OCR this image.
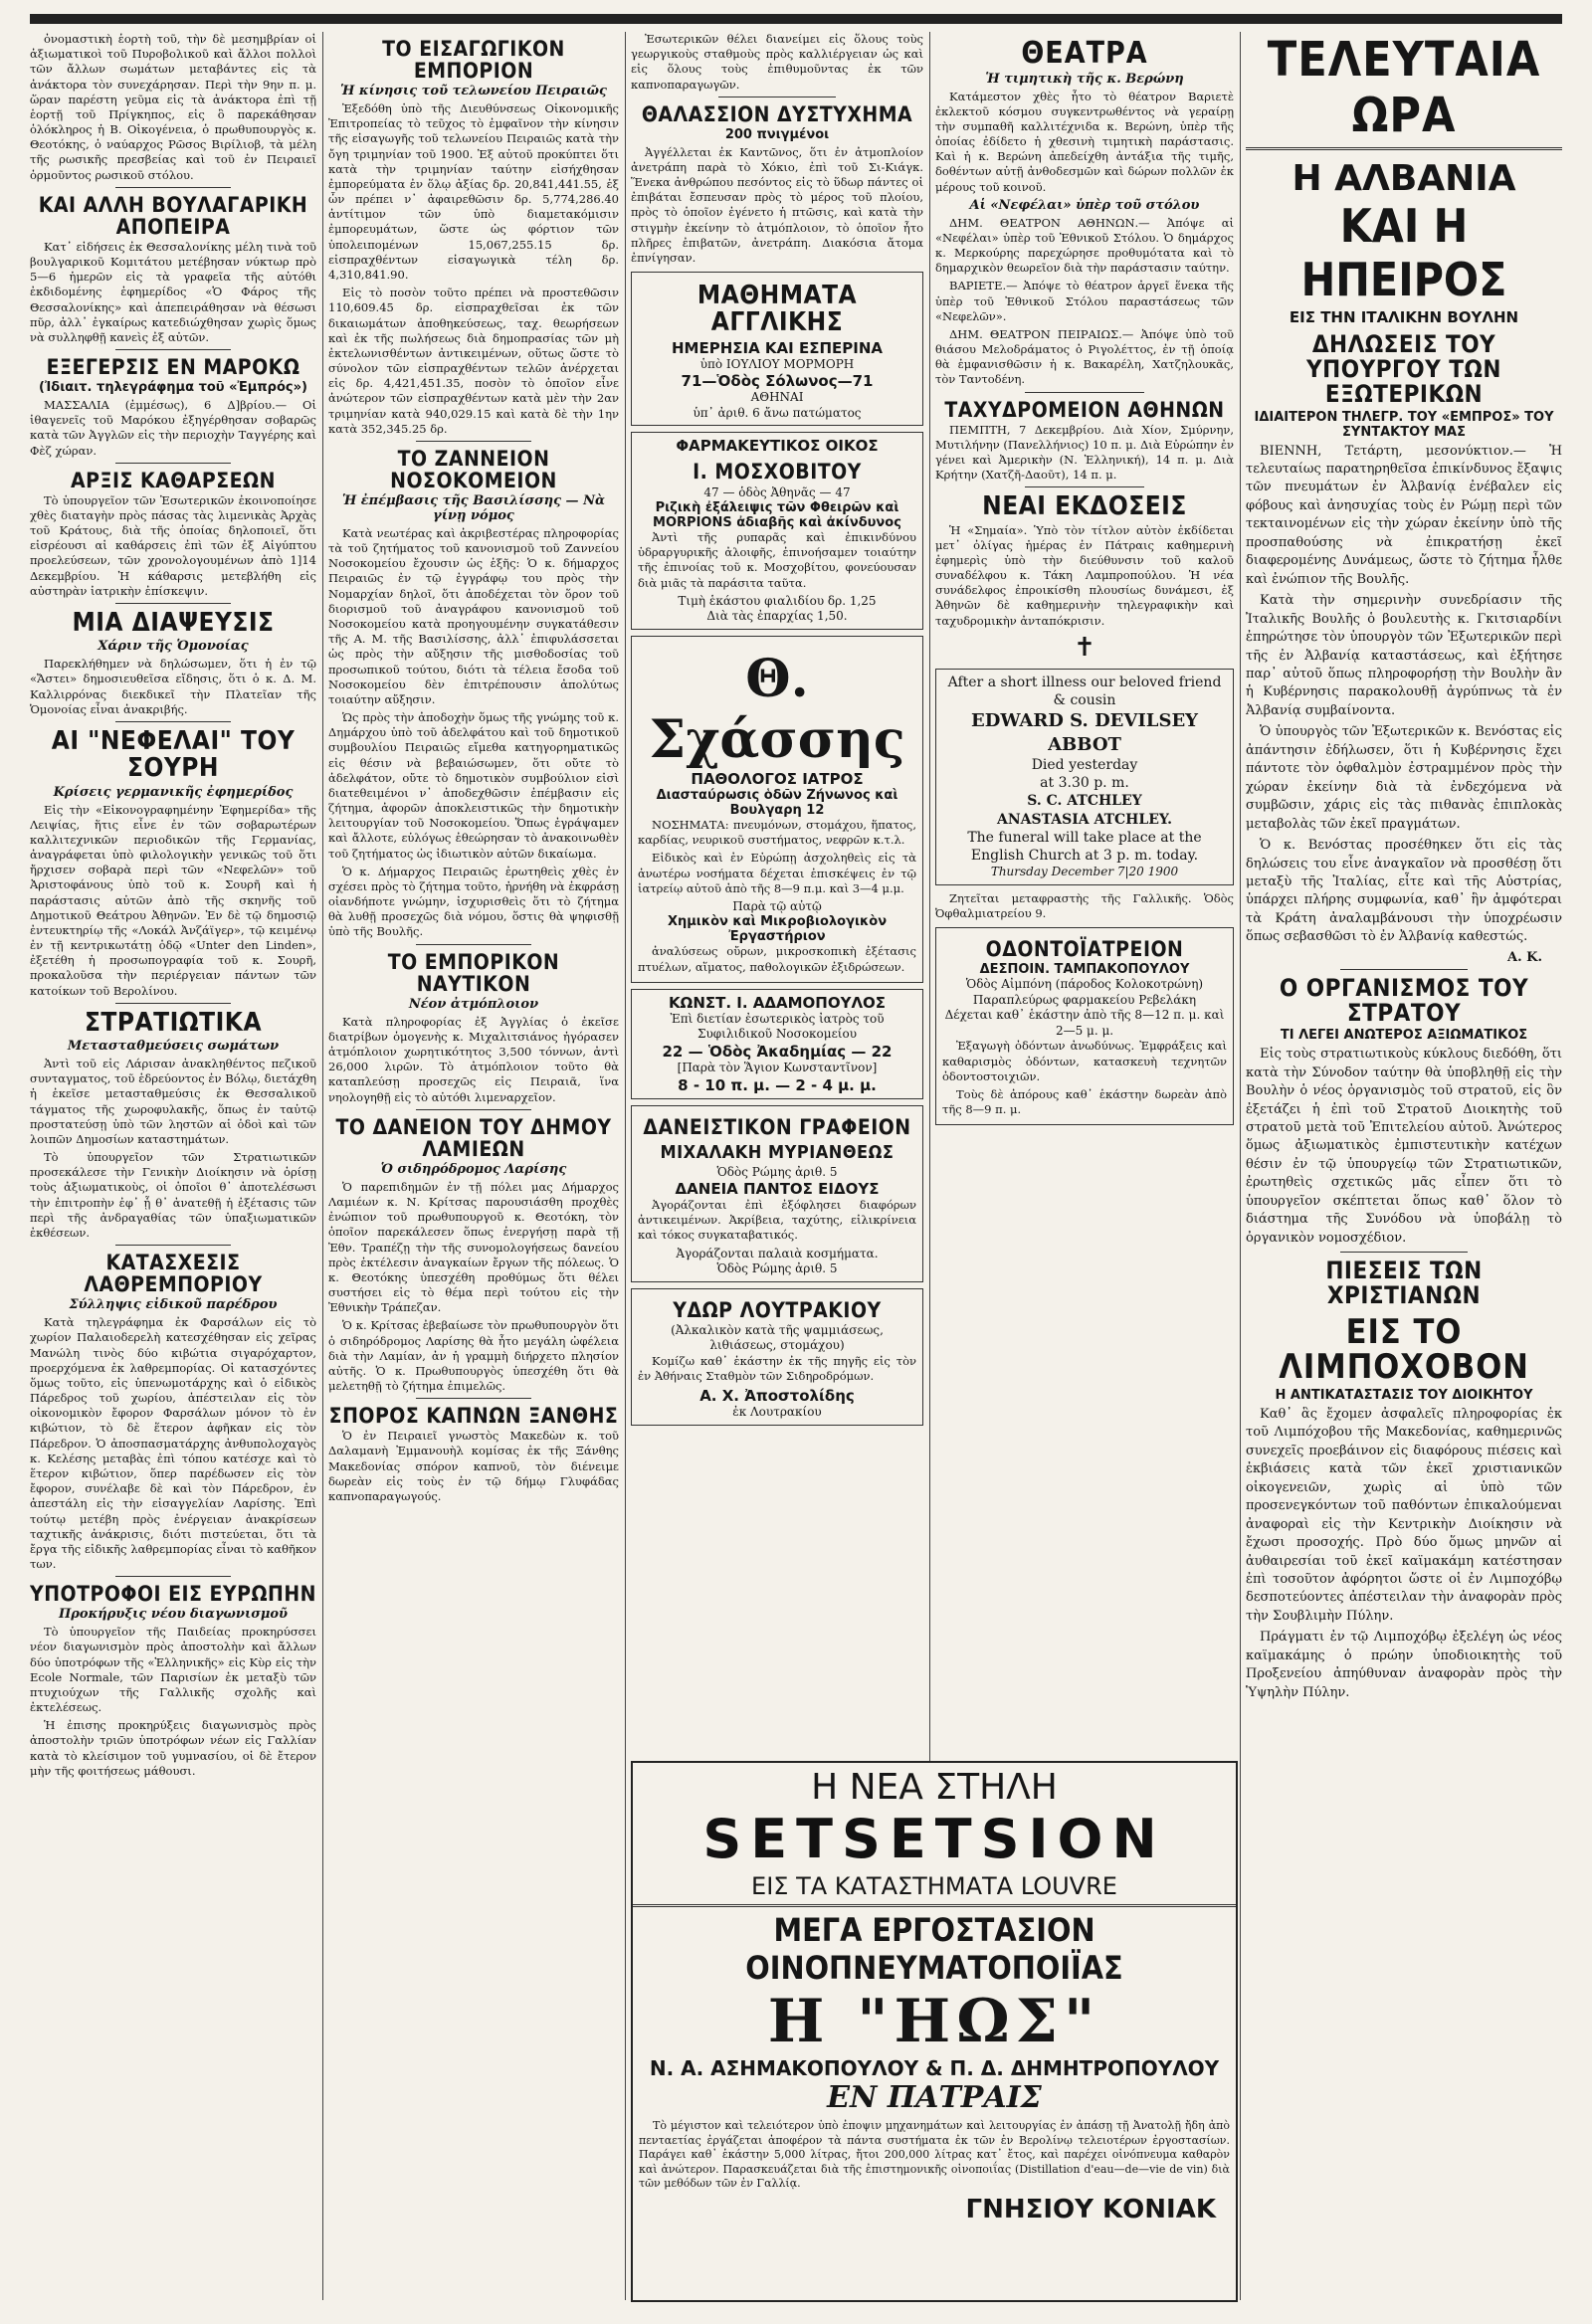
ὀνομαστικὴ ἑορτὴ τοῦ, τὴν δὲ μεσημβρίαν οἱ ἀξιωματικοὶ τοῦ Πυροβολικοῦ καὶ ἄλλοι πολλοὶ τῶν ἄλλων σωμάτων μεταβάντες εἰς τὰ ἀνάκτορα τὸν συνεχάρησαν. Περὶ τὴν 9ην π. μ. ὥραν παρέστη γεῦμα εἰς τὰ ἀνάκτορα ἐπὶ τῇ ἑορτῇ τοῦ Πρίγκηπος, εἰς ὃ παρεκάθησαν ὁλόκληρος ἡ Β. Οἰκογένεια, ὁ πρωθυπουργὸς κ. Θεοτόκης, ὁ ναύαρχος Ρῶσος Βιρίλιοβ, τὰ μέλη τῆς ρωσικῆς πρεσβείας καὶ τοῦ ἐν Πειραιεῖ ὁρμοῦντος ρωσικοῦ στόλου.

ΚΑΙ ΑΛΛΗ ΒΟΥΛΑΓΑΡΙΚΗ ΑΠΟΠΕΙΡΑ

Κατ᾽ εἰδήσεις ἐκ Θεσσαλονίκης μέλη τινὰ τοῦ βουλγαρικοῦ Κομιτάτου μετέβησαν νύκτωρ πρὸ 5—6 ἡμερῶν εἰς τὰ γραφεῖα τῆς αὐτόθι ἐκδιδομένης ἐφημερίδος «Ὁ Φάρος τῆς Θεσσαλονίκης» καὶ ἀπεπειράθησαν νὰ θέσωσι πῦρ, ἀλλ᾽ ἐγκαίρως κατεδιώχθησαν χωρὶς ὅμως νὰ συλληφθῇ κανεὶς ἐξ αὐτῶν.

ΕΞΕΓΕΡΣΙΣ ΕΝ ΜΑΡΟΚΩ
(Ἰδιαιτ. τηλεγράφημα τοῦ «Ἐμπρός»)

ΜΑΣΣΑΛΙΑ (ἐμμέσως), 6 Δ]βρίου.— Οἱ ἰθαγενεῖς τοῦ Μαρόκου ἐξηγέρθησαν σοβαρῶς κατὰ τῶν Ἀγγλῶν εἰς τὴν περιοχὴν Ταγγέρης καὶ Φὲζ χώραν.

ΑΡΞΙΣ ΚΑΘΑΡΣΕΩΝ

Τὸ ὑπουργεῖον τῶν Ἐσωτερικῶν ἐκοινοποίησε χθὲς διαταγὴν πρὸς πάσας τὰς λιμενικὰς Ἀρχὰς τοῦ Κράτους, διὰ τῆς ὁποίας δηλοποιεῖ, ὅτι εἰσρέουσι αἱ καθάρσεις ἐπὶ τῶν ἐξ Αἰγύπτου προελεύσεων, τῶν χρονολογουμένων ἀπὸ 1]14 Δεκεμβρίου. Ἡ κάθαρσις μετεβλήθη εἰς αὐστηρὰν ἰατρικὴν ἐπίσκεψιν.

ΜΙΑ ΔΙΑΨΕΥΣΙΣ
Χάριν τῆς Ὁμονοίας

Παρεκλήθημεν νὰ δηλώσωμεν, ὅτι ἡ ἐν τῷ «Ἄστει» δημοσιευθεῖσα εἴδησις, ὅτι ὁ κ. Δ. Μ. Καλλιρρόνας διεκδικεῖ τὴν Πλατεῖαν τῆς Ὁμονοίας εἶναι ἀνακριβής.

ΑΙ "ΝΕΦΕΛΑΙ" ΤΟΥ ΣΟΥΡΗ
Κρίσεις γερμανικῆς ἐφημερίδος

Εἰς τὴν «Εἰκονογραφημένην Ἐφημερίδα» τῆς Λειψίας, ἥτις εἶνε ἐν τῶν σοβαρωτέρων καλλιτεχνικῶν περιοδικῶν τῆς Γερμανίας, ἀναγράφεται ὑπὸ φιλολογικὴν γενικῶς τοῦ ὅτι ἤρχισεν σοβαρὰ περὶ τῶν «Νεφελῶν» τοῦ Ἀριστοφάνους ὑπὸ τοῦ κ. Σουρῆ καὶ ἡ παράστασις αὐτῶν ἀπὸ τῆς σκηνῆς τοῦ Δημοτικοῦ Θεάτρου Ἀθηνῶν. Ἐν δὲ τῷ δημοσιῷ ἐντευκτηρίῳ τῆς «Λοκάλ Ἀνζάϊγερ», τῷ κειμένῳ ἐν τῇ κεντρικωτάτῃ ὁδῷ «Unter den Linden», ἐξετέθη ἡ προσωπογραφία τοῦ κ. Σουρῆ, προκαλοῦσα τὴν περιέργειαν πάντων τῶν κατοίκων τοῦ Βερολίνου.

ΣΤΡΑΤΙΩΤΙΚΑ
Μετασταθμεύσεις σωμάτων

Ἀντὶ τοῦ εἰς Λάρισαν ἀνακληθέντος πεζικοῦ συνταγματος, τοῦ ἑδρεύοντος ἐν Βόλῳ, διετάχθη ἡ ἐκεῖσε μετασταθμεύσις ἐκ Θεσσαλικοῦ τάγματος τῆς χωροφυλακῆς, ὅπως ἐν ταὐτῷ προστατεύσῃ ὑπὸ τῶν ληστῶν αἱ ὁδοὶ καὶ τῶν λοιπῶν Δημοσίων καταστημάτων.

Τὸ ὑπουργεῖον τῶν Στρατιωτικῶν προσεκάλεσε τὴν Γενικὴν Διοίκησιν νὰ ὁρίσῃ τοὺς ἀξιωματικοὺς, οἱ ὁποῖοι θ᾽ ἀποτελέσωσι τὴν ἐπιτροπὴν ἐφ᾽ ᾗ θ᾽ ἀνατεθῇ ἡ ἐξέτασις τῶν περὶ τῆς ἀνδραγαθίας τῶν ὑπαξιωματικῶν ἐκθέσεων.

ΚΑΤΑΣΧΕΣΙΣ ΛΑΘΡΕΜΠΟΡΙΟΥ
Σύλληψις εἰδικοῦ παρέδρου

Κατὰ τηλεγράφημα ἐκ Φαρσάλων εἰς τὸ χωρίον Παλαιοδερελὴ κατεσχέθησαν εἰς χεῖρας Μανώλη τινὸς δύο κιβώτια σιγαρόχαρτον, προερχόμενα ἐκ λαθρεμπορίας. Οἱ κατασχόντες ὅμως τοῦτο, εἰς ὑπενωμοτάρχης καὶ ὁ εἰδικὸς Πάρεδρος τοῦ χωρίου, ἀπέστειλαν εἰς τὸν οἰκονομικὸν ἔφορον Φαρσάλων μόνον τὸ ἐν κιβώτιον, τὸ δὲ ἕτερον ἀφῆκαν εἰς τὸν Πάρεδρον. Ὁ ἀποσπασματάρχης ἀνθυπολοχαγὸς κ. Κελέσης μεταβὰς ἐπὶ τόπου κατέσχε καὶ τὸ ἕτερον κιβώτιον, ὅπερ παρέδωσεν εἰς τὸν ἔφορον, συνέλαβε δὲ καὶ τὸν Πάρεδρον, ἐν ἀπεστάλη εἰς τὴν εἰσαγγελίαν Λαρίσης. Ἐπὶ τούτῳ μετέβη πρὸς ἐνέργειαν ἀνακρίσεων ταχτικῆς ἀνάκρισις, διότι πιστεύεται, ὅτι τὰ ἔργα τῆς εἰδικῆς λαθρεμπορίας εἶναι τὸ καθῆκον των.

ΥΠΟΤΡΟΦΟΙ ΕΙΣ ΕΥΡΩΠΗΝ
Προκήρυξις νέου διαγωνισμοῦ

Τὸ ὑπουργεῖον τῆς Παιδείας προκηρύσσει νέον διαγωνισμὸν πρὸς ἀποστολὴν καὶ ἄλλων δύο ὑποτρόφων τῆς «Ἑλληνικῆς» εἰς Κὺρ εἰς τὴν Ecole Normale, τῶν Παρισίων ἐκ μεταξὺ τῶν πτυχιούχων τῆς Γαλλικῆς σχολῆς καὶ ἐκτελέσεως.

Ἡ ἐπισης προκηρύξεις διαγωνισμὸς πρὸς ἀποστολὴν τριῶν ὑποτρόφων νέων εἰς Γαλλίαν κατὰ τὸ κλείσιμον τοῦ γυμνασίου, οἱ δὲ ἔτερον μὴν τῆς φοιτήσεως μάθουσι.

ΤΟ ΕΙΣΑΓΩΓΙΚΟΝ ΕΜΠΟΡΙΟΝ
Ἡ κίνησις τοῦ τελωνείου Πειραιῶς

Ἐξεδόθη ὑπὸ τῆς Διευθύνσεως Οἰκονομικῆς Ἐπιτροπείας τὸ τεῦχος τὸ ἐμφαῖνον τὴν κίνησιν τῆς εἰσαγωγῆς τοῦ τελωνείου Πειραιῶς κατὰ τὴν ὄγη τριμηνίαν τοῦ 1900. Ἐξ αὐτοῦ προκύπτει ὅτι κατὰ τὴν τριμηνίαν ταύτην εἰσήχθησαν ἐμπορεύματα ἐν ὅλῳ ἀξίας δρ. 20,841,441.55, ἐξ ὧν πρέπει ν᾽ ἀφαιρεθῶσιν δρ. 5,774,286.40 ἀντίτιμον τῶν ὑπὸ διαμετακόμισιν ἐμπορευμάτων, ὥστε ὡς φόρτιον τῶν ὑπολειπομένων 15,067,255.15 δρ. εἰσπραχθέντων εἰσαγωγικὰ τέλη δρ. 4,310,841.90.

Εἰς τὸ ποσὸν τοῦτο πρέπει νὰ προστεθῶσιν 110,609.45 δρ. εἰσπραχθεῖσαι ἐκ τῶν δικαιωμάτων ἀποθηκεύσεως, ταχ. θεωρήσεων καὶ ἐκ τῆς πωλήσεως διὰ δημοπρασίας τῶν μὴ ἐκτελωνισθέντων ἀντικειμένων, οὕτως ὥστε τὸ σύνολον τῶν εἰσπραχθέντων τελῶν ἀνέρχεται εἰς δρ. 4,421,451.35, ποσὸν τὸ ὁποῖον εἶνε ἀνώτερον τῶν εἰσπραχθέντων κατὰ μὲν τὴν 2αν τριμηνίαν κατὰ 940,029.15 καὶ κατὰ δὲ τὴν 1ην κατὰ 352,345.25 δρ.

ΤΟ ΖΑΝΝΕΙΟΝ ΝΟΣΟΚΟΜΕΙΟΝ
Ἡ ἐπέμβασις τῆς Βασιλίσσης — Νὰ γίνῃ νόμος

Κατὰ νεωτέρας καὶ ἀκριβεστέρας πληροφορίας τὰ τοῦ ζητήματος τοῦ κανονισμοῦ τοῦ Ζαννείου Νοσοκομείου ἔχουσιν ὡς ἑξῆς: Ὁ κ. δήμαρχος Πειραιῶς ἐν τῷ ἐγγράφῳ του πρὸς τὴν Νομαρχίαν δηλοῖ, ὅτι ἀποδέχεται τὸν ὅρον τοῦ διορισμοῦ τοῦ ἀναγράφου κανονισμοῦ τοῦ Νοσοκομείου κατὰ προηγουμένην συγκατάθεσιν τῆς Α. Μ. τῆς Βασιλίσσης, ἀλλ᾽ ἐπιφυλάσσεται ὡς πρὸς τὴν αὔξησιν τῆς μισθοδοσίας τοῦ προσωπικοῦ τούτου, διότι τὰ τέλεια ἔσοδα τοῦ Νοσοκομείου δὲν ἐπιτρέπουσιν ἀπολύτως τοιαύτην αὔξησιν.

Ὡς πρὸς τὴν ἀποδοχὴν ὅμως τῆς γνώμης τοῦ κ. Δημάρχου ὑπὸ τοῦ ἀδελφάτου καὶ τοῦ δημοτικοῦ συμβουλίου Πειραιῶς εἴμεθα κατηγορηματικῶς εἰς θέσιν νὰ βεβαιώσωμεν, ὅτι οὔτε τὸ ἀδελφάτον, οὔτε τὸ δημοτικὸν συμβούλιον εἰσὶ διατεθειμένοι ν᾽ ἀποδεχθῶσιν ἐπέμβασιν εἰς ζήτημα, ἀφορῶν ἀποκλειστικῶς τὴν δημοτικὴν λειτουργίαν τοῦ Νοσοκομείου. Ὅπως ἐγράψαμεν καὶ ἄλλοτε, εὐλόγως ἐθεώρησαν τὸ ἀνακοινωθὲν τοῦ ζητήματος ὡς ἰδιωτικὸν αὐτῶν δικαίωμα.

Ὁ κ. Δήμαρχος Πειραιῶς ἐρωτηθεὶς χθὲς ἐν σχέσει πρὸς τὸ ζήτημα τοῦτο, ἠρνήθη νὰ ἐκφράσῃ οἰανδήποτε γνώμην, ἰσχυρισθεὶς ὅτι τὸ ζήτημα θὰ λυθῇ προσεχῶς διὰ νόμου, ὅστις θὰ ψηφισθῇ ὑπὸ τῆς Βουλῆς.

ΤΟ ΕΜΠΟΡΙΚΟΝ ΝΑΥΤΙΚΟΝ
Νέον ἀτμόπλοιον

Κατὰ πληροφορίας ἐξ Ἀγγλίας ὁ ἐκεῖσε διατρίβων ὁμογενὴς κ. Μιχαλιτσιάνος ἠγόρασεν ἀτμόπλοιον χωρητικότητος 3,500 τόννων, ἀντὶ 26,000 λιρῶν. Τὸ ἀτμόπλοιον τοῦτο θὰ καταπλεύσῃ προσεχῶς εἰς Πειραιᾶ, ἵνα νηολογηθῇ εἰς τὸ αὐτόθι λιμεναρχεῖον.

ΤΟ ΔΑΝΕΙΟΝ ΤΟΥ ΔΗΜΟΥ ΛΑΜΙΕΩΝ
Ὁ σιδηρόδρομος Λαρίσης

Ὁ παρεπιδημῶν ἐν τῇ πόλει μας Δήμαρχος Λαμιέων κ. Ν. Κρίτσας παρουσιάσθη προχθὲς ἐνώπιον τοῦ πρωθυπουργοῦ κ. Θεοτόκη, τὸν ὁποῖον παρεκάλεσεν ὅπως ἐνεργήσῃ παρὰ τῇ Ἐθν. Τραπέζῃ τὴν τῆς συνομολογήσεως δανείου πρὸς ἐκτέλεσιν ἀναγκαίων ἔργων τῆς πόλεως. Ὁ κ. Θεοτόκης ὑπεσχέθη προθύμως ὅτι θέλει συστήσει εἰς τὸ θέμα περὶ τούτου εἰς τὴν Ἐθνικὴν Τράπεζαν.

Ὁ κ. Κρίτσας ἐβεβαίωσε τὸν πρωθυπουργὸν ὅτι ὁ σιδηρόδρομος Λαρίσης θὰ ἦτο μεγάλη ὠφέλεια διὰ τὴν Λαμίαν, ἀν ἡ γραμμὴ διήρχετο πλησίον αὐτῆς. Ὁ κ. Πρωθυπουργὸς ὑπεσχέθη ὅτι θὰ μελετηθῇ τὸ ζήτημα ἐπιμελῶς.

ΣΠΟΡΟΣ ΚΑΠΝΩΝ ΞΑΝΘΗΣ

Ὁ ἐν Πειραιεῖ γνωστὸς Μακεδὼν κ. τοῦ Δαλαμανὴ Ἐμμανουὴλ κομίσας ἐκ τῆς Ξάνθης Μακεδονίας σπόρον καπνοῦ, τὸν διένειμε δωρεὰν εἰς τοὺς ἐν τῷ δήμῳ Γλυφάδας καπνοπαραγωγούς.

Ἐσωτερικῶν θέλει διανείμει εἰς ὅλους τοὺς γεωργικοὺς σταθμοὺς πρὸς καλλιέργειαν ὡς καὶ εἰς ὅλους τοὺς ἐπιθυμοῦντας ἐκ τῶν καπνοπαραγωγῶν.

ΘΑΛΑΣΣΙΟΝ ΔΥΣΤΥΧΗΜΑ
200 πνιγμένοι

Ἀγγέλλεται ἐκ Καντῶνος, ὅτι ἐν ἀτμοπλοίον ἀνετράπη παρὰ τὸ Χόκιο, ἐπὶ τοῦ Σι-Κιάγκ. Ἕνεκα ἀνθρώπου πεσόντος εἰς τὸ ὕδωρ πάντες οἱ ἐπιβάται ἔσπευσαν πρὸς τὸ μέρος τοῦ πλοίου, πρὸς τὸ ὁποῖον ἐγένετο ἡ πτῶσις, καὶ κατὰ τὴν στιγμὴν ἐκείνην τὸ ἀτμόπλοιον, τὸ ὁποῖον ἦτο πλῆρες ἐπιβατῶν, ἀνετράπη. Διακόσια ἄτομα ἐπνίγησαν.

ΜΑΘΗΜΑΤΑ ΑΓΓΛΙΚΗΣ
ΗΜΕΡΗΣΙΑ ΚΑΙ ΕΣΠΕΡΙΝΑ
ὑπὸ ΙΟΥΛΙΟΥ ΜΟΡΜΟΡΗ
71—Ὁδὸς Σόλωνος—71
ΑΘΗΝΑΙ
ὑπ᾽ ἀριθ. 6 ἄνω πατώματος
ΦΑΡΜΑΚΕΥΤΙΚΟΣ ΟΙΚΟΣ
Ι. ΜΟΣΧΟΒΙΤΟΥ
47 — ὁδὸς Ἀθηνᾶς — 47
Ριζικὴ ἐξάλειψις τῶν Φθειρῶν καὶ MORPIONS ἀδιαβῆς καὶ ἀκίνδυνος

Ἀντὶ τῆς ρυπαρᾶς καὶ ἐπικινδύνου ὑδραργυρικῆς ἀλοιφῆς, ἐπινοήσαμεν τοιαύτην τῆς ἐπινοίας τοῦ κ. Μοσχοβίτου, φονεύουσαν διὰ μιᾶς τὰ παράσιτα ταῦτα.

Τιμὴ ἑκάστου φιαλιδίου δρ. 1,25
Διὰ τὰς ἐπαρχίας 1,50.
Θ. Σχάσσης
ΠΑΘΟΛΟΓΟΣ ΙΑΤΡΟΣ
Διασταύρωσις ὁδῶν Ζήνωνος καὶ Βουλγαρη 12

ΝΟΣΗΜΑΤΑ: πνευμόνων, στομάχου, ἥπατος, καρδίας, νευρικοῦ συστήματος, νεφρῶν κ.τ.λ.

Εἰδικὸς καὶ ἐν Εὐρώπῃ ἀσχοληθεὶς εἰς τὰ ἀνωτέρω νοσήματα δέχεται ἐπισκέψεις ἐν τῷ ἰατρείῳ αὐτοῦ ἀπὸ τῆς 8—9 π.μ. καὶ 3—4 μ.μ.

Παρὰ τῷ αὐτῷ
Χημικὸν καὶ Μικροβιολογικὸν Ἐργαστήριον

ἀναλύσεως οὔρων, μικροσκοπικὴ ἐξέτασις πτυέλων, αἵματος, παθολογικῶν ἐξιδρώσεων.

ΚΩΝΣΤ. Ι. ΑΔΑΜΟΠΟΥΛΟΣ
Ἐπὶ διετίαν ἐσωτερικὸς ἰατρὸς τοῦ Συφιλιδικοῦ Νοσοκομείου
22 — Ὁδὸς Ἀκαδημίας — 22
[Παρὰ τὸν Ἅγιον Κωνσταντῖνον]
8 - 10 π. μ. — 2 - 4 μ. μ.
ΔΑΝΕΙΣΤΙΚΟΝ ΓΡΑΦΕΙΟΝ
ΜΙΧΑΛΑΚΗ ΜΥΡΙΑΝΘΕΩΣ
Ὁδὸς Ρώμης ἀριθ. 5
ΔΑΝΕΙΑ ΠΑΝΤΟΣ ΕΙΔΟΥΣ

Ἀγοράζονται ἐπὶ ἐξόφλησει διαφόρων ἀντικειμένων. Ἀκρίβεια, ταχύτης, εἰλικρίνεια καὶ τόκος συγκαταβατικός.

Ἀγοράζονται παλαιὰ κοσμήματα.
Ὁδὸς Ρώμης ἀριθ. 5
ΥΔΩΡ ΛΟΥΤΡΑΚΙΟΥ
(Ἀλκαλικὸν κατὰ τῆς ψαμμιάσεως, λιθιάσεως, στομάχου)

Κομίζω καθ᾽ ἑκάστην ἐκ τῆς πηγῆς εἰς τὸν ἐν Ἀθήναις Σταθμὸν τῶν Σιδηροδρόμων.

Α. Χ. Ἀποστολίδης
ἐκ Λουτρακίου
ΘΕΑΤΡΑ
Ἡ τιμητικὴ τῆς κ. Βερώνη

Κατάμεστον χθὲς ἦτο τὸ θέατρον Βαριετὲ ἐκλεκτοῦ κόσμου συγκεντρωθέντος νὰ γεραίρῃ τὴν συμπαθῆ καλλιτέχνιδα κ. Βερώνη, ὑπὲρ τῆς ὁποίας ἐδίδετο ἡ χθεσινὴ τιμητικὴ παράστασις. Καὶ ἡ κ. Βερώνη ἀπεδείχθη ἀντάξια τῆς τιμῆς, δοθέντων αὐτῇ ἀνθοδεσμῶν καὶ δώρων πολλῶν ἐκ μέρους τοῦ κοινοῦ.

Αἱ «Νεφέλαι» ὑπὲρ τοῦ στόλου

ΔΗΜ. ΘΕΑΤΡΟΝ ΑΘΗΝΩΝ.— Ἀπόψε αἱ «Νεφέλαι» ὑπὲρ τοῦ Ἐθνικοῦ Στόλου. Ὁ δημάρχος κ. Μερκούρης παρεχώρησε προθυμότατα καὶ τὸ δημαρχικὸν θεωρεῖον διὰ τὴν παράστασιν ταύτην.

ΒΑΡΙΕΤΕ.— Ἀπόψε τὸ θέατρον ἀργεῖ ἕνεκα τῆς ὑπὲρ τοῦ Ἐθνικοῦ Στόλου παραστάσεως τῶν «Νεφελῶν».

ΔΗΜ. ΘΕΑΤΡΟΝ ΠΕΙΡΑΙΩΣ.— Ἀπόψε ὑπὸ τοῦ θιάσου Μελοδράματος ὁ Ριγολέττος, ἐν τῇ ὁποίᾳ θὰ ἐμφανισθῶσιν ἡ κ. Βακαρέλη, Χατζηλουκᾶς, τὸν Ταντοδένη.

ΤΑΧΥΔΡΟΜΕΙΟΝ ΑΘΗΝΩΝ

ΠΕΜΠΤΗ, 7 Δεκεμβρίου. Διὰ Χίον, Σμύρνην, Μυτιλήνην (Πανελλήνιος) 10 π. μ. Διὰ Εὐρώπην ἐν γένει καὶ Ἀμερικὴν (Ν. Ἑλληνική), 14 π. μ. Διὰ Κρήτην (Χατζῆ-Δαοῦτ), 14 π. μ.

ΝΕΑΙ ΕΚΔΟΣΕΙΣ

Ἡ «Σημαία». Ὑπὸ τὸν τίτλον αὐτὸν ἐκδίδεται μετ᾽ ὀλίγας ἡμέρας ἐν Πάτραις καθημερινὴ ἐφημερὶς ὑπὸ τὴν διεύθυνσιν τοῦ καλοῦ συναδέλφου κ. Τάκη Λαμπροπούλου. Ἡ νέα συνάδελφος ἐπροικίσθη πλουσίως δυνάμεσι, ἐξ Ἀθηνῶν δὲ καθημερινὴν τηλεγραφικὴν καὶ ταχυδρομικὴν ἀνταπόκρισιν.

✝
After a short illness our beloved friend & cousin
EDWARD S. DEVILSEY ABBOT
Died yesterday
at 3.30 p. m.
S. C. ATCHLEY
ANASTASIA ATCHLEY.
The funeral will take place at the English Church at 3 p. m. today.
Thursday December 7|20 1900

Ζητεῖται μεταφραστὴς τῆς Γαλλικῆς. Ὁδὸς Ὀφθαλμιατρείου 9.

ΟΔΟΝΤΟΪΑΤΡΕΙΟΝ
ΔΕΣΠΟΙΝ. ΤΑΜΠΑΚΟΠΟΥΛΟΥ
Ὁδὸς Αἰμπόνη (πάροδος Κολοκοτρώνη)
Παραπλεύρως φαρμακείου Ρεβελάκη
Δέχεται καθ᾽ ἑκάστην ἀπὸ τῆς 8—12 π. μ. καὶ 2—5 μ. μ.

Ἐξαγωγὴ ὀδόντων ἀνωδύνως. Ἐμφράξεις καὶ καθαρισμὸς ὀδόντων, κατασκευὴ τεχνητῶν ὀδοντοστοιχιῶν.

Τοὺς δὲ ἀπόρους καθ᾽ ἑκάστην δωρεὰν ἀπὸ τῆς 8—9 π. μ.

ΤΕΛΕΥΤΑΙΑ ΩΡΑ
Η ΑΛΒΑΝΙΑ
ΚΑΙ Η ΗΠΕΙΡΟΣ
ΕΙΣ ΤΗΝ ΙΤΑΛΙΚΗΝ ΒΟΥΛΗΝ
ΔΗΛΩΣΕΙΣ ΤΟΥ ΥΠΟΥΡΓΟΥ ΤΩΝ ΕΞΩΤΕΡΙΚΩΝ
ΙΔΙΑΙΤΕΡΟΝ ΤΗΛΕΓΡ. ΤΟΥ «ΕΜΠΡΟΣ» ΤΟΥ ΣΥΝΤΑΚΤΟΥ ΜΑΣ

ΒΙΕΝΝΗ, Τετάρτη, μεσονύκτιον.— Ἡ τελευταίως παρατηρηθεῖσα ἐπικίνδυνος ἔξαψις τῶν πνευμάτων ἐν Ἀλβανίᾳ ἐνέβαλεν εἰς φόβους καὶ ἀνησυχίας τοὺς ἐν Ρώμῃ περὶ τῶν τεκταινομένων εἰς τὴν χώραν ἐκείνην ὑπὸ τῆς προσπαθούσης νὰ ἐπικρατήσῃ ἐκεῖ διαφερομένης Δυνάμεως, ὥστε τὸ ζήτημα ἦλθε καὶ ἐνώπιον τῆς Βουλῆς.

Κατὰ τὴν σημερινὴν συνεδρίασιν τῆς Ἰταλικῆς Βουλῆς ὁ βουλευτὴς κ. Γκιτσιαρδίνι ἐπηρώτησε τὸν ὑπουργὸν τῶν Ἐξωτερικῶν περὶ τῆς ἐν Ἀλβανίᾳ καταστάσεως, καὶ ἐξήτησε παρ᾽ αὐτοῦ ὅπως πληροφορήσῃ τὴν Βουλὴν ἂν ἡ Κυβέρνησις παρακολουθῇ ἀγρύπνως τὰ ἐν Ἀλβανίᾳ συμβαίνοντα.

Ὁ ὑπουργὸς τῶν Ἐξωτερικῶν κ. Βενόστας εἰς ἀπάντησιν ἐδήλωσεν, ὅτι ἡ Κυβέρνησις ἔχει πάντοτε τὸν ὀφθαλμὸν ἐστραμμένον πρὸς τὴν χώραν ἐκείνην διὰ τὰ ἐνδεχόμενα νὰ συμβῶσιν, χάρις εἰς τὰς πιθανὰς ἐπιπλοκὰς μεταβολὰς τῶν ἐκεῖ πραγμάτων.

Ὁ κ. Βενόστας προσέθηκεν ὅτι εἰς τὰς δηλώσεις του εἶνε ἀναγκαῖον νὰ προσθέσῃ ὅτι μεταξὺ τῆς Ἰταλίας, εἶτε καὶ τῆς Αὐστρίας, ὑπάρχει πλήρης συμφωνία, καθ᾽ ἣν ἀμφότεραι τὰ Κράτη ἀναλαμβάνουσι τὴν ὑποχρέωσιν ὅπως σεβασθῶσι τὸ ἐν Ἀλβανίᾳ καθεστώς.

Α. Κ.
Ο ΟΡΓΑΝΙΣΜΟΣ ΤΟΥ ΣΤΡΑΤΟΥ
ΤΙ ΛΕΓΕΙ ΑΝΩΤΕΡΟΣ ΑΞΙΩΜΑΤΙΚΟΣ

Εἰς τοὺς στρατιωτικοὺς κύκλους διεδόθη, ὅτι κατὰ τὴν Σύνοδον ταύτην θὰ ὑποβληθῇ εἰς τὴν Βουλὴν ὁ νέος ὀργανισμὸς τοῦ στρατοῦ, εἰς ὃν ἐξετάζει ἡ ἐπὶ τοῦ Στρατοῦ Διοικητὴς τοῦ στρατοῦ μετὰ τοῦ Ἐπιτελείου αὐτοῦ. Ἀνώτερος ὅμως ἀξιωματικὸς ἐμπιστευτικὴν κατέχων θέσιν ἐν τῷ ὑπουργείῳ τῶν Στρατιωτικῶν, ἐρωτηθεὶς σχετικῶς μᾶς εἶπεν ὅτι τὸ ὑπουργεῖον σκέπτεται ὅπως καθ᾽ ὅλον τὸ διάστημα τῆς Συνόδου νὰ ὑποβάλῃ τὸ ὀργανικὸν νομοσχέδιον.

ΠΙΕΣΕΙΣ ΤΩΝ ΧΡΙΣΤΙΑΝΩΝ
ΕΙΣ ΤΟ ΛΙΜΠΟΧΟΒΟΝ
Η ΑΝΤΙΚΑΤΑΣΤΑΣΙΣ ΤΟΥ ΔΙΟΙΚΗΤΟΥ

Καθ᾽ ἃς ἔχομεν ἀσφαλεῖς πληροφορίας ἐκ τοῦ Λιμπόχοβου τῆς Μακεδονίας, καθημερινῶς συνεχεῖς προεβάινον εἰς διαφόρους πιέσεις καὶ ἐκβιάσεις κατὰ τῶν ἐκεῖ χριστιανικῶν οἰκογενειῶν, χωρὶς αἱ ὑπὸ τῶν προσενεγκόντων τοῦ παθόντων ἐπικαλούμεναι ἀναφοραὶ εἰς τὴν Κεντρικὴν Διοίκησιν νὰ ἔχωσι προσοχής. Πρὸ δύο ὅμως μηνῶν αἱ ἀυθαιρεσίαι τοῦ ἐκεῖ καϊμακάμη κατέστησαν ἐπὶ τοσοῦτον ἀφόρητοι ὥστε οἱ ἐν Λιμποχόβῳ δεσποτεύοντες ἀπέστειλαν τὴν ἀναφορὰν πρὸς τὴν Σουβλιμὴν Πύλην.

Πράγματι ἐν τῷ Λιμποχόβῳ ἐξελέγη ὡς νέος καϊμακάμης ὁ πρώην ὑποδιοικητὴς τοῦ Προξενείου ἀπηύθυναν ἀναφορὰν πρὸς τὴν Ὑψηλὴν Πύλην.

Η ΝΕΑ ΣΤΗΛΗ
SETSETSION
ΕΙΣ ΤΑ ΚΑΤΑΣΤΗΜΑΤΑ LOUVRE
ΜΕΓΑ ΕΡΓΟΣΤΑΣΙΟΝ ΟΙΝΟΠΝΕΥΜΑΤΟΠΟΙΪΑΣ
Η "ΗΩΣ"
Ν. Α. ΑΣΗΜΑΚΟΠΟΥΛΟΥ & Π. Δ. ΔΗΜΗΤΡΟΠΟΥΛΟΥ
ΕΝ ΠΑΤΡΑΙΣ

Τὸ μέγιστον καὶ τελειότερον ὑπὸ ἐποψιν μηχανημάτων καὶ λειτουργίας ἐν ἀπάσῃ τῇ Ἀνατολῇ ἤδη ἀπὸ πενταετίας ἐργάζεται ἀποφέρον τὰ πάντα συστήματα ἐκ τῶν ἐν Βερολίνῳ τελειοτέρων ἐργοστασίων. Παράγει καθ᾽ ἑκάστην 5,000 λίτρας, ἤτοι 200,000 λίτρας κατ᾽ ἔτος, καὶ παρέχει οἰνόπνευμα καθαρὸν καὶ ἀνώτερον. Παρασκευάζεται διὰ τῆς ἐπιστημονικῆς οἰνοποιΐας (Distillation d'eau—de—vie de vin) διὰ τῶν μεθόδων τῶν ἐν Γαλλίᾳ.

ΓΝΗΣΙΟΥ ΚΟΝΙΑΚ
